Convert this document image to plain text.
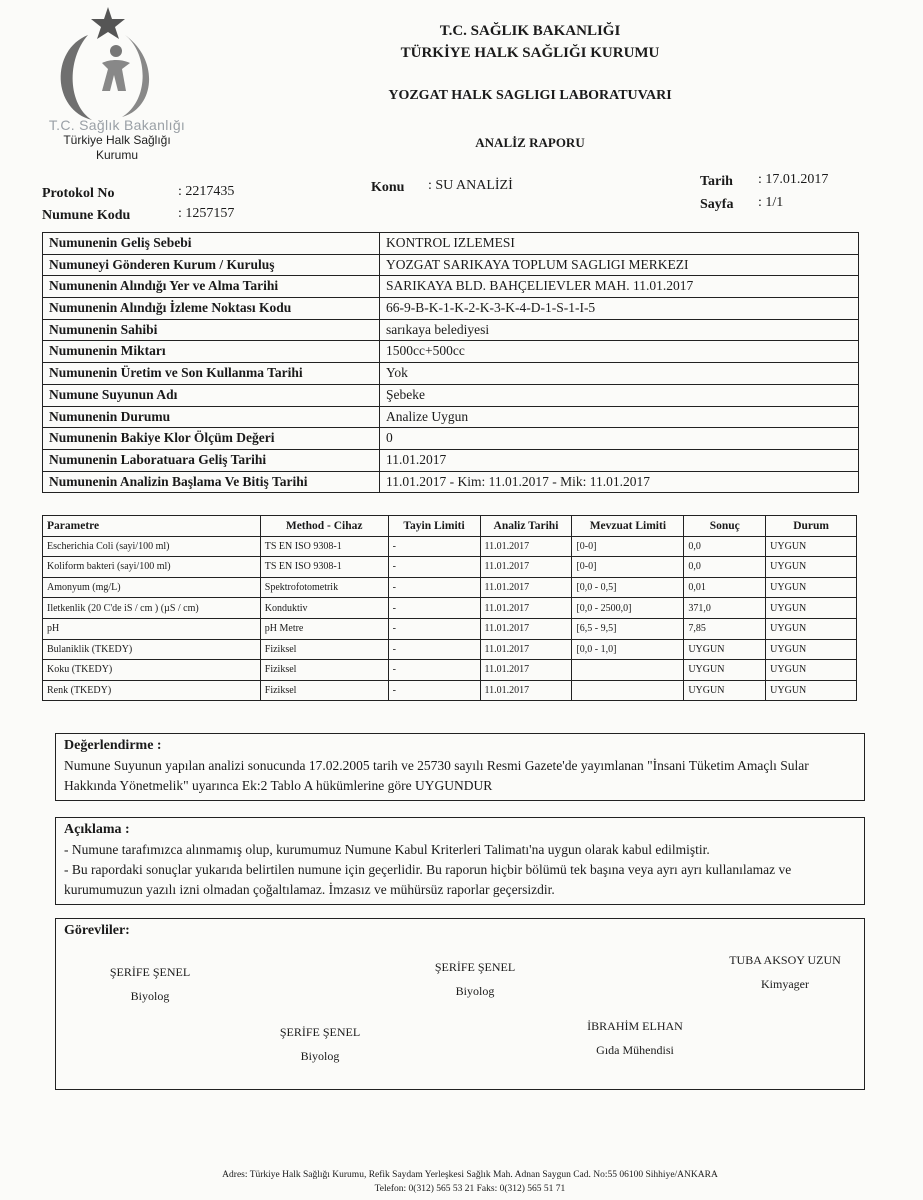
T.C. Sağlık Bakanlığı
Türkiye Halk Sağlığı
Kurumu
T.C. SAĞLIK BAKANLIĞI
TÜRKİYE HALK SAĞLIĞI KURUMU
YOZGAT HALK SAGLIGI LABORATUVARI
ANALİZ RAPORU
Protokol No	: 2217435
Numune Kodu	: 1257157
Konu : SU ANALİZİ	Tarih : 17.01.2017
Sayfa : 1/1
Numunenin Geliş Sebebi	KONTROL IZLEMESI
Numuneyi Gönderen Kurum / Kuruluş	YOZGAT SARIKAYA TOPLUM SAGLIGI MERKEZI
Numunenin Alındığı Yer ve Alma Tarihi	SARIKAYA BLD. BAHÇELIEVLER MAH. 11.01.2017
Numunenin Alındığı İzleme Noktası Kodu	66-9-B-K-1-K-2-K-3-K-4-D-1-S-1-I-5
Numunenin Sahibi	sarıkaya belediyesi
Numunenin Miktarı	1500cc+500cc
Numunenin Üretim ve Son Kullanma Tarihi	Yok
Numune Suyunun Adı	Şebeke
Numunenin Durumu	Analize Uygun
Numunenin Bakiye Klor Ölçüm Değeri	0
Numunenin Laboratuara Geliş Tarihi	11.01.2017
Numunenin Analizin Başlama Ve Bitiş Tarihi	11.01.2017 - Kim: 11.01.2017 - Mik: 11.01.2017
Parametre	Method - Cihaz	Tayin Limiti	Analiz Tarihi	Mevzuat Limiti	Sonuç	Durum
Escherichia Coli (sayi/100 ml)	TS EN ISO 9308-1	-	11.01.2017	[0-0]	0,0	UYGUN
Koliform bakteri (sayi/100 ml)	TS EN ISO 9308-1	-	11.01.2017	[0-0]	0,0	UYGUN
Amonyum (mg/L)	Spektrofotometrik	-	11.01.2017	[0,0 - 0,5]	0,01	UYGUN
Iletkenlik (20 C'de iS / cm ) (µS / cm)	Konduktiv	-	11.01.2017	[0,0 - 2500,0]	371,0	UYGUN
pH	pH Metre	-	11.01.2017	[6,5 - 9,5]	7,85	UYGUN
Bulaniklik (TKEDY)	Fiziksel	-	11.01.2017	[0,0 - 1,0]	UYGUN	UYGUN
Koku (TKEDY)	Fiziksel	-	11.01.2017		UYGUN	UYGUN
Renk (TKEDY)	Fiziksel	-	11.01.2017		UYGUN	UYGUN
Değerlendirme :
Numune Suyunun yapılan analizi sonucunda 17.02.2005 tarih ve 25730 sayılı Resmi Gazete'de yayımlanan "İnsani Tüketim Amaçlı Sular Hakkında Yönetmelik" uyarınca Ek:2 Tablo A hükümlerine göre UYGUNDUR
Açıklama :
- Numune tarafımızca alınmamış olup, kurumumuz Numune Kabul Kriterleri Talimatı'na uygun olarak kabul edilmiştir.
- Bu rapordaki sonuçlar yukarıda belirtilen numune için geçerlidir. Bu raporun hiçbir bölümü tek başına veya ayrı ayrı kullanılamaz ve kurumumuzun yazılı izni olmadan çoğaltılamaz. İmzasız ve mühürsüz raporlar geçersizdir.
Görevliler:
ŞERİFE ŞENEL
Biyolog
ŞERİFE ŞENEL
Biyolog
TUBA AKSOY UZUN
Kimyager
ŞERİFE ŞENEL
Biyolog
İBRAHİM ELHAN
Gıda Mühendisi
Adres: Türkiye Halk Sağlığı Kurumu, Refik Saydam Yerleşkesi Sağlık Mah. Adnan Saygun Cad. No:55 06100 Sihhiye/ANKARA
Telefon: 0(312) 565 53 21 Faks: 0(312) 565 51 71
